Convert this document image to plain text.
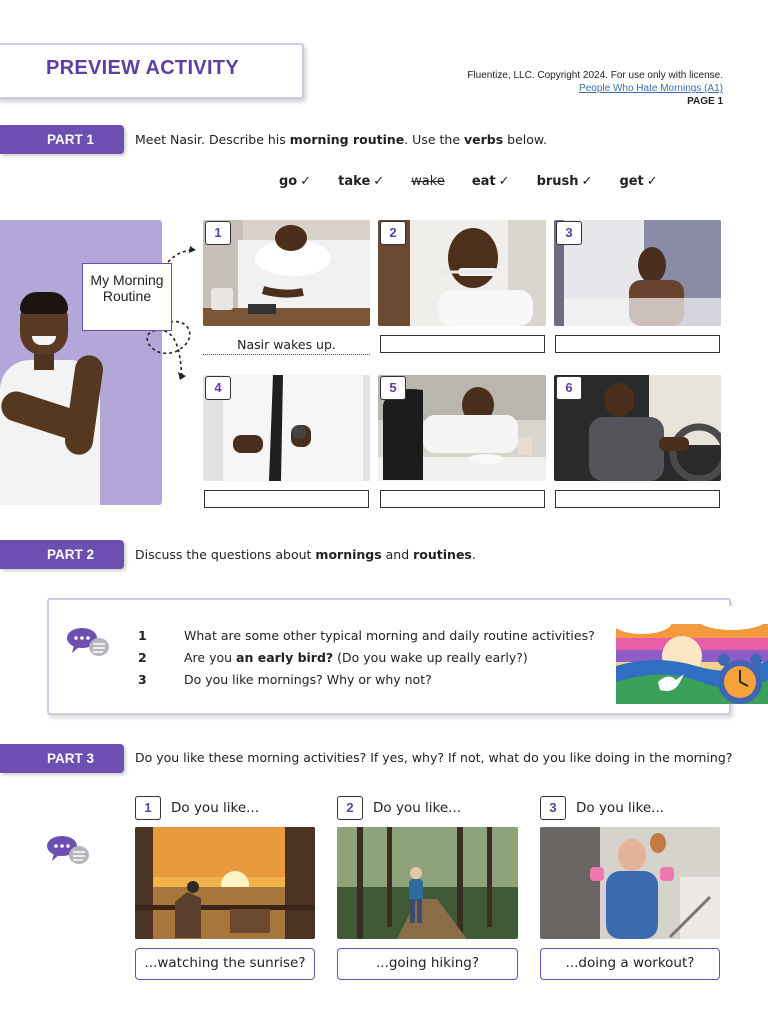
PREVIEW ACTIVITY	Fluentize, LLC. Copyright 2024. For use only with license.
People Who Hate Mornings (A1)
PAGE 1
PART 1	Meet Nasir. Describe his morning routine. Use the verbs below.
go ✓ take ✓ wake eat ✓ brush ✓ get ✓
My Morning Routine
1
Nasir wakes up.
2	3
4	5	6
PART 2	Discuss the questions about mornings and routines.
1	What are some other typical morning and daily routine activities?
2	Are you an early bird? (Do you wake up really early?)
3	Do you like mornings? Why or why not?
PART 3	Do you like these morning activities? If yes, why? If not, what do you like doing in the morning?
1	Do you like...
...watching the sunrise?
2	Do you like...
...going hiking?
3	Do you like...
...doing a workout?
